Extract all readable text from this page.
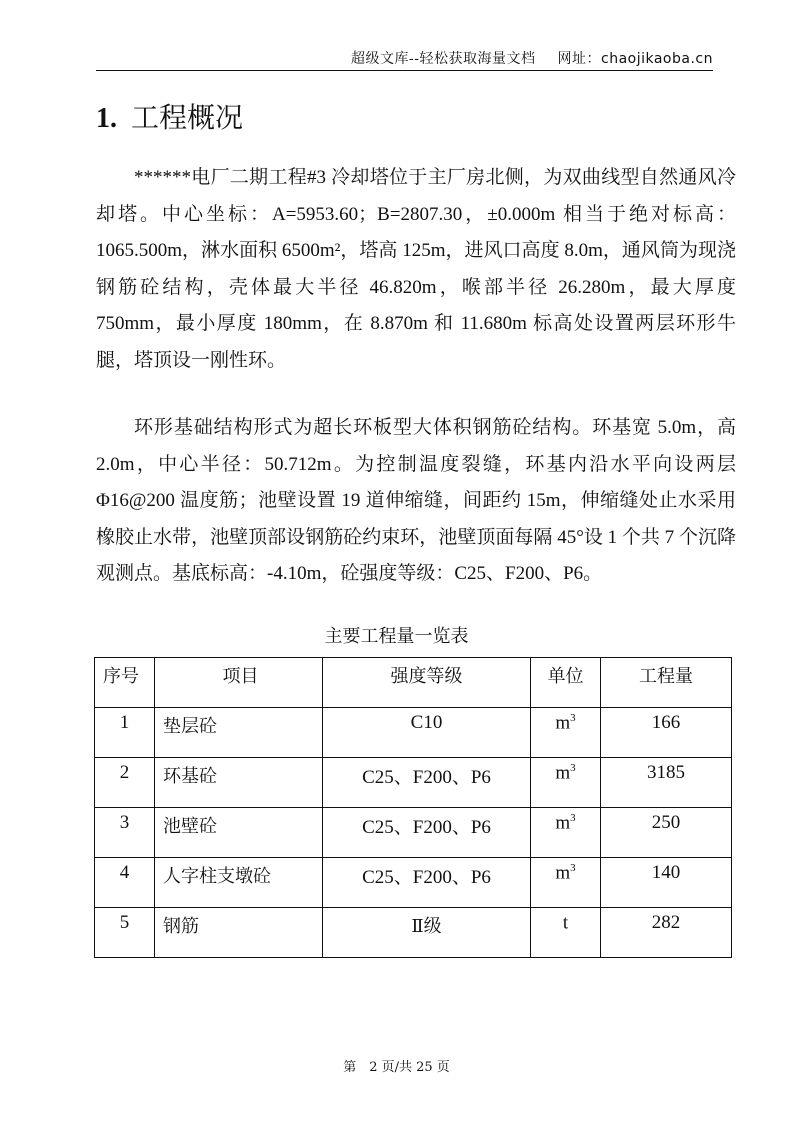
超级文库--轻松获取海量文档 网址：chaojikaoba.cn
1. 工程概况
******电厂二期工程#3 冷却塔位于主厂房北侧，为双曲线型自然通风冷却塔。中心坐标：A=5953.60；B=2807.30，±0.000m 相当于绝对标高：1065.500m，淋水面积 6500m²，塔高 125m，进风口高度 8.0m，通风筒为现浇钢筋砼结构，壳体最大半径 46.820m，喉部半径 26.280m，最大厚度 750mm，最小厚度 180mm，在 8.870m 和 11.680m 标高处设置两层环形牛腿，塔顶设一刚性环。
环形基础结构形式为超长环板型大体积钢筋砼结构。环基宽 5.0m，高 2.0m，中心半径：50.712m。为控制温度裂缝，环基内沿水平向设两层Φ16@200 温度筋；池壁设置 19 道伸缩缝，间距约 15m，伸缩缝处止水采用橡胶止水带，池壁顶部设钢筋砼约束环，池壁顶面每隔 45°设 1 个共 7 个沉降观测点。基底标高：-4.10m，砼强度等级：C25、F200、P6。
主要工程量一览表
序号	项目	强度等级	单位	工程量
1	垫层砼	C10	$m^3$	166
2	环基砼	C25、F200、P6	$m^3$	3185
3	池壁砼	C25、F200、P6	$m^3$	250
4	人字柱支墩砼	C25、F200、P6	$m^3$	140
5	钢筋	Ⅱ级	t	282
第　2 页/共 25 页
